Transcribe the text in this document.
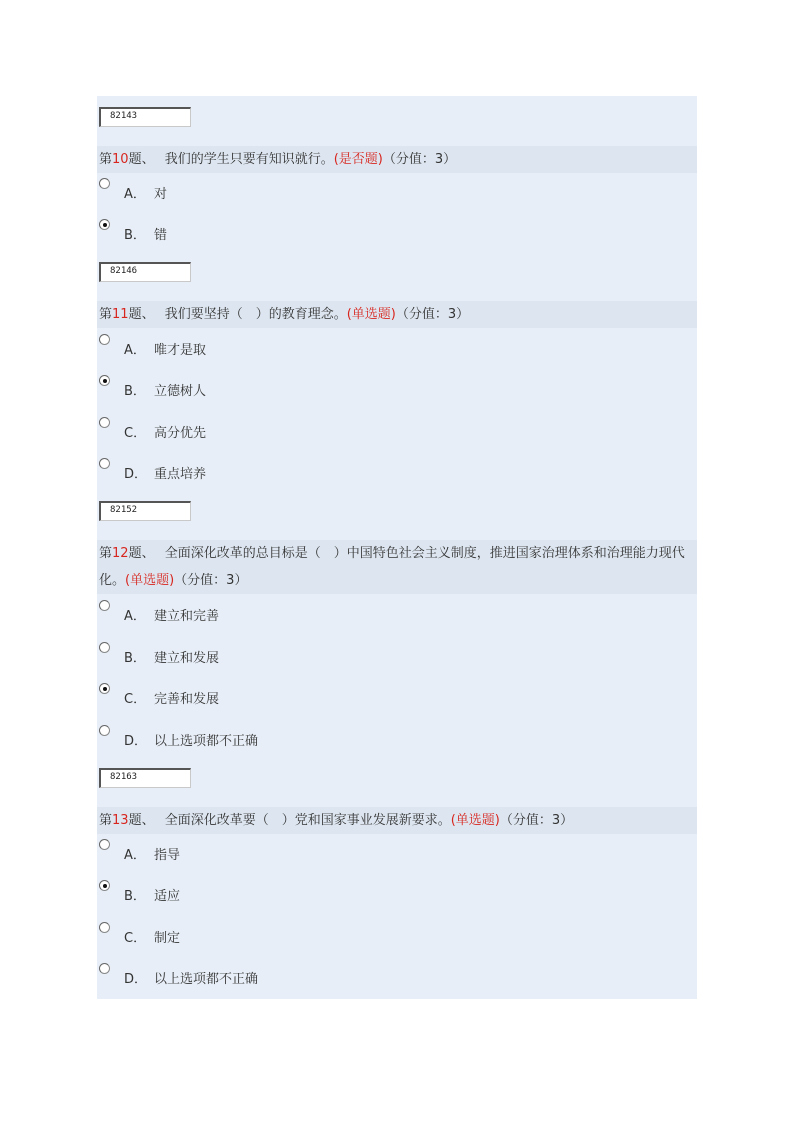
82143
第10题、 我们的学生只要有知识就行。(是否题)（分值：3）
A． 对
B． 错
82146
第11题、 我们要坚持（　）的教育理念。(单选题)（分值：3）
A． 唯才是取
B． 立德树人
C． 高分优先
D． 重点培养
82152
第12题、 全面深化改革的总目标是（　）中国特色社会主义制度，推进国家治理体系和治理能力现代化。(单选题)（分值：3）
A． 建立和完善
B． 建立和发展
C． 完善和发展
D． 以上选项都不正确
82163
第13题、 全面深化改革要（　）党和国家事业发展新要求。(单选题)（分值：3）
A． 指导
B． 适应
C． 制定
D． 以上选项都不正确
